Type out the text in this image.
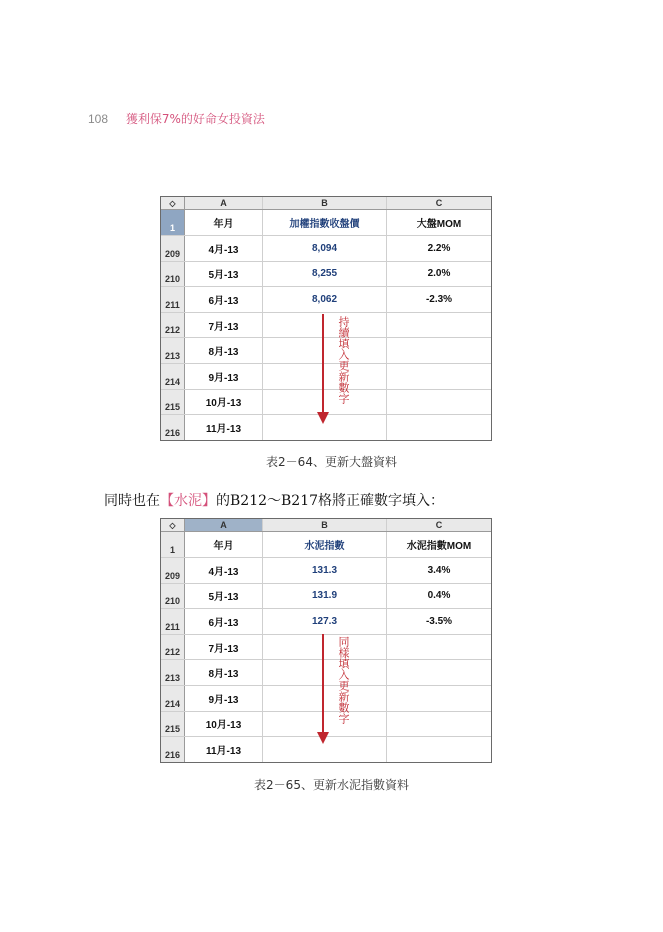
108 獲利保7%的好命女投資法
◇	A	B	C
1	年月	加權指數收盤價	大盤MOM
209	4月-13	8,094	2.2%
210	5月-13	8,255	2.0%
211	6月-13	8,062	-2.3%
212	7月-13
213	8月-13
214	9月-13
215	10月-13
216	11月-13
持續填入更新數字
表2－64、更新大盤資料
同時也在【水泥】的B212〜B217格將正確數字填入：
◇	A	B	C
1	年月	水泥指數	水泥指數MOM
209	4月-13	131.3	3.4%
210	5月-13	131.9	0.4%
211	6月-13	127.3	-3.5%
212	7月-13
213	8月-13
214	9月-13
215	10月-13
216	11月-13
同樣填入更新數字
表2－65、更新水泥指數資料
